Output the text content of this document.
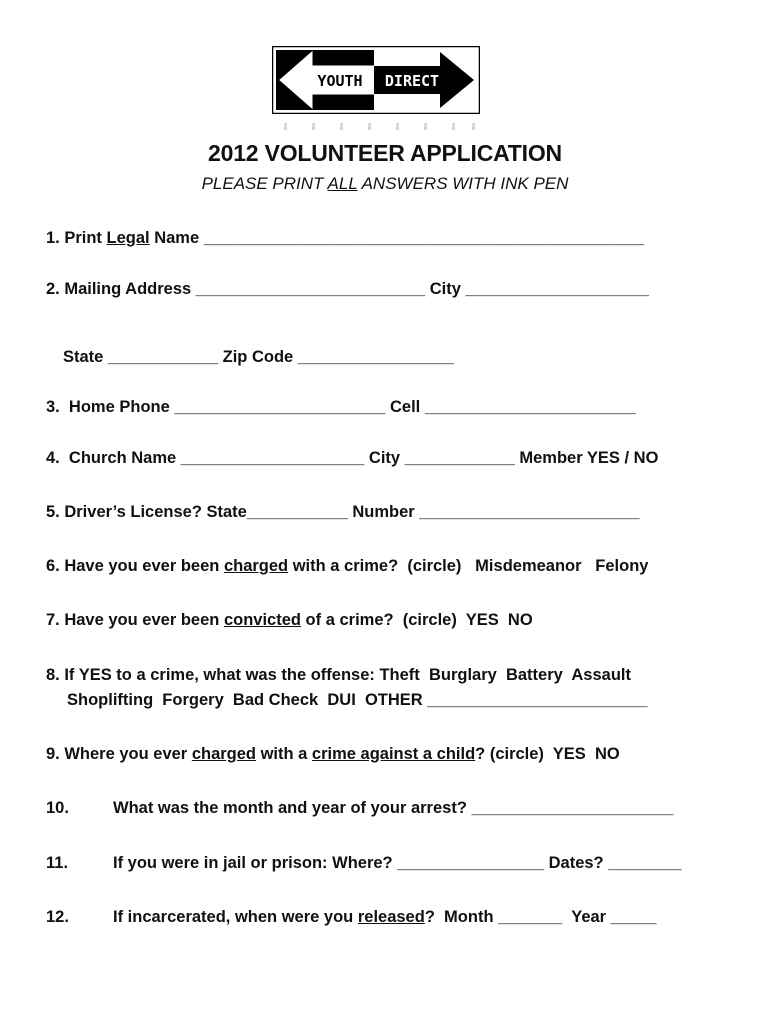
YOUTH DIRECT
2012 VOLUNTEER APPLICATION
PLEASE PRINT ALL ANSWERS WITH INK PEN
1. Print Legal Name ________________________________________________
2. Mailing Address _________________________ City ____________________
State ____________ Zip Code _________________
3.  Home Phone _______________________ Cell _______________________
4.  Church Name ____________________ City ____________ Member YES / NO
5. Driver’s License? State___________ Number ________________________
6. Have you ever been charged with a crime?  (circle)   Misdemeanor   Felony
7. Have you ever been convicted of a crime?  (circle)  YES  NO
8. If YES to a crime, what was the offense: Theft  Burglary  Battery  Assault
Shoplifting  Forgery  Bad Check  DUI  OTHER ________________________
9. Where you ever charged with a crime against a child? (circle)  YES  NO
10.	What was the month and year of your arrest? ______________________
11.	If you were in jail or prison: Where? ________________ Dates? ________
12.	If incarcerated, when were you released?  Month _______  Year _____
